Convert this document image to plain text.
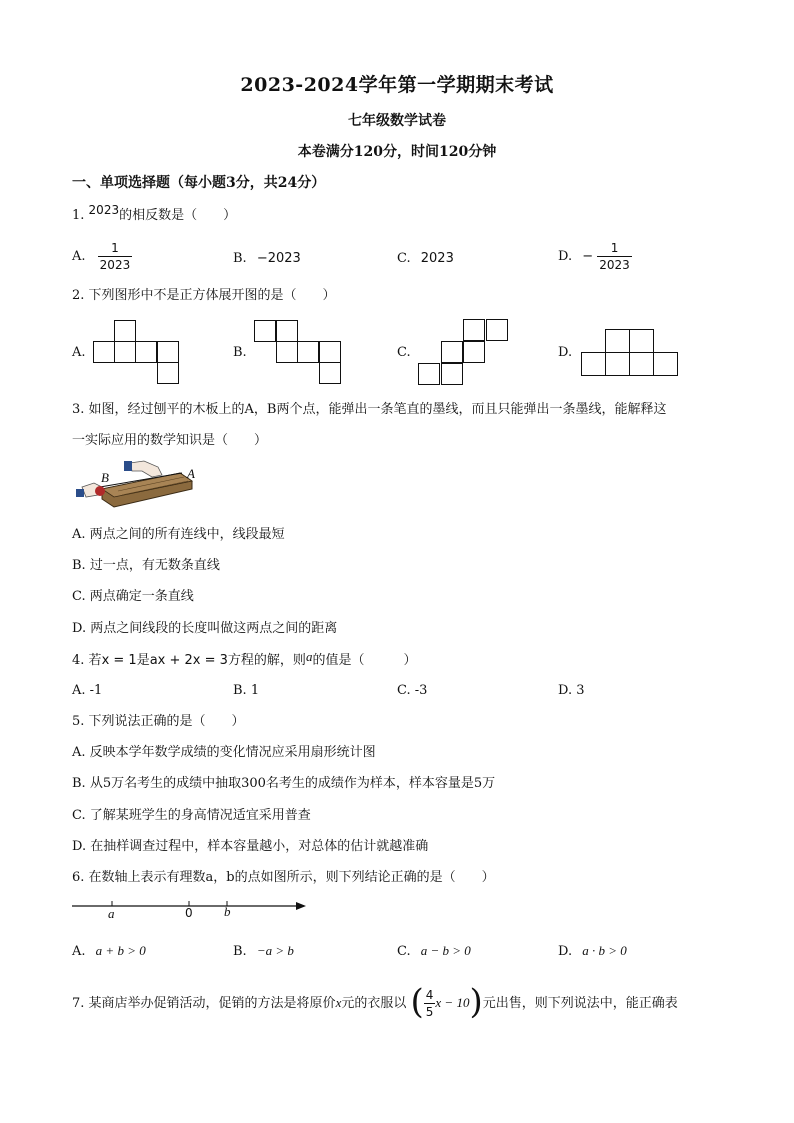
2023-2024学年第一学期期末考试
七年级数学试卷
本卷满分120分，时间120分钟
一、单项选择题（每小题3分，共24分）
1. 2023的相反数是（　　）
A. $\frac{1}{2023}$	B. −2023	C. 2023	D. − $\frac{1}{2023}$
2. 下列图形中不是正方体展开图的是（　　）
A.	B.	C.	D.
3. 如图，经过刨平的木板上的A，B两个点，能弹出一条笔直的墨线，而且只能弹出一条墨线，能解释这
一实际应用的数学知识是（　　）
B	A
A. 两点之间的所有连线中，线段最短
B. 过一点，有无数条直线
C. 两点确定一条直线
D. 两点之间线段的长度叫做这两点之间的距离
4. 若x = 1是ax + 2x = 3方程的解，则a的值是（　　　）
A. -1	B. 1	C. -3	D. 3
5. 下列说法正确的是（　　）
A. 反映本学年数学成绩的变化情况应采用扇形统计图
B. 从5万名考生的成绩中抽取300名考生的成绩作为样本，样本容量是5万
C. 了解某班学生的身高情况适宜采用普查
D. 在抽样调查过程中，样本容量越小，对总体的估计就越准确
6. 在数轴上表示有理数a，b的点如图所示，则下列结论正确的是（　　）
a	0 b
A. a + b > 0	B. −a > b	C. a − b > 0	D. a · b > 0
7. 某商店举办促销活动，促销的方法是将原价x元的衣服以 ( $\frac{4}{5}$ x − 10)元出售，则下列说法中，能正确表
